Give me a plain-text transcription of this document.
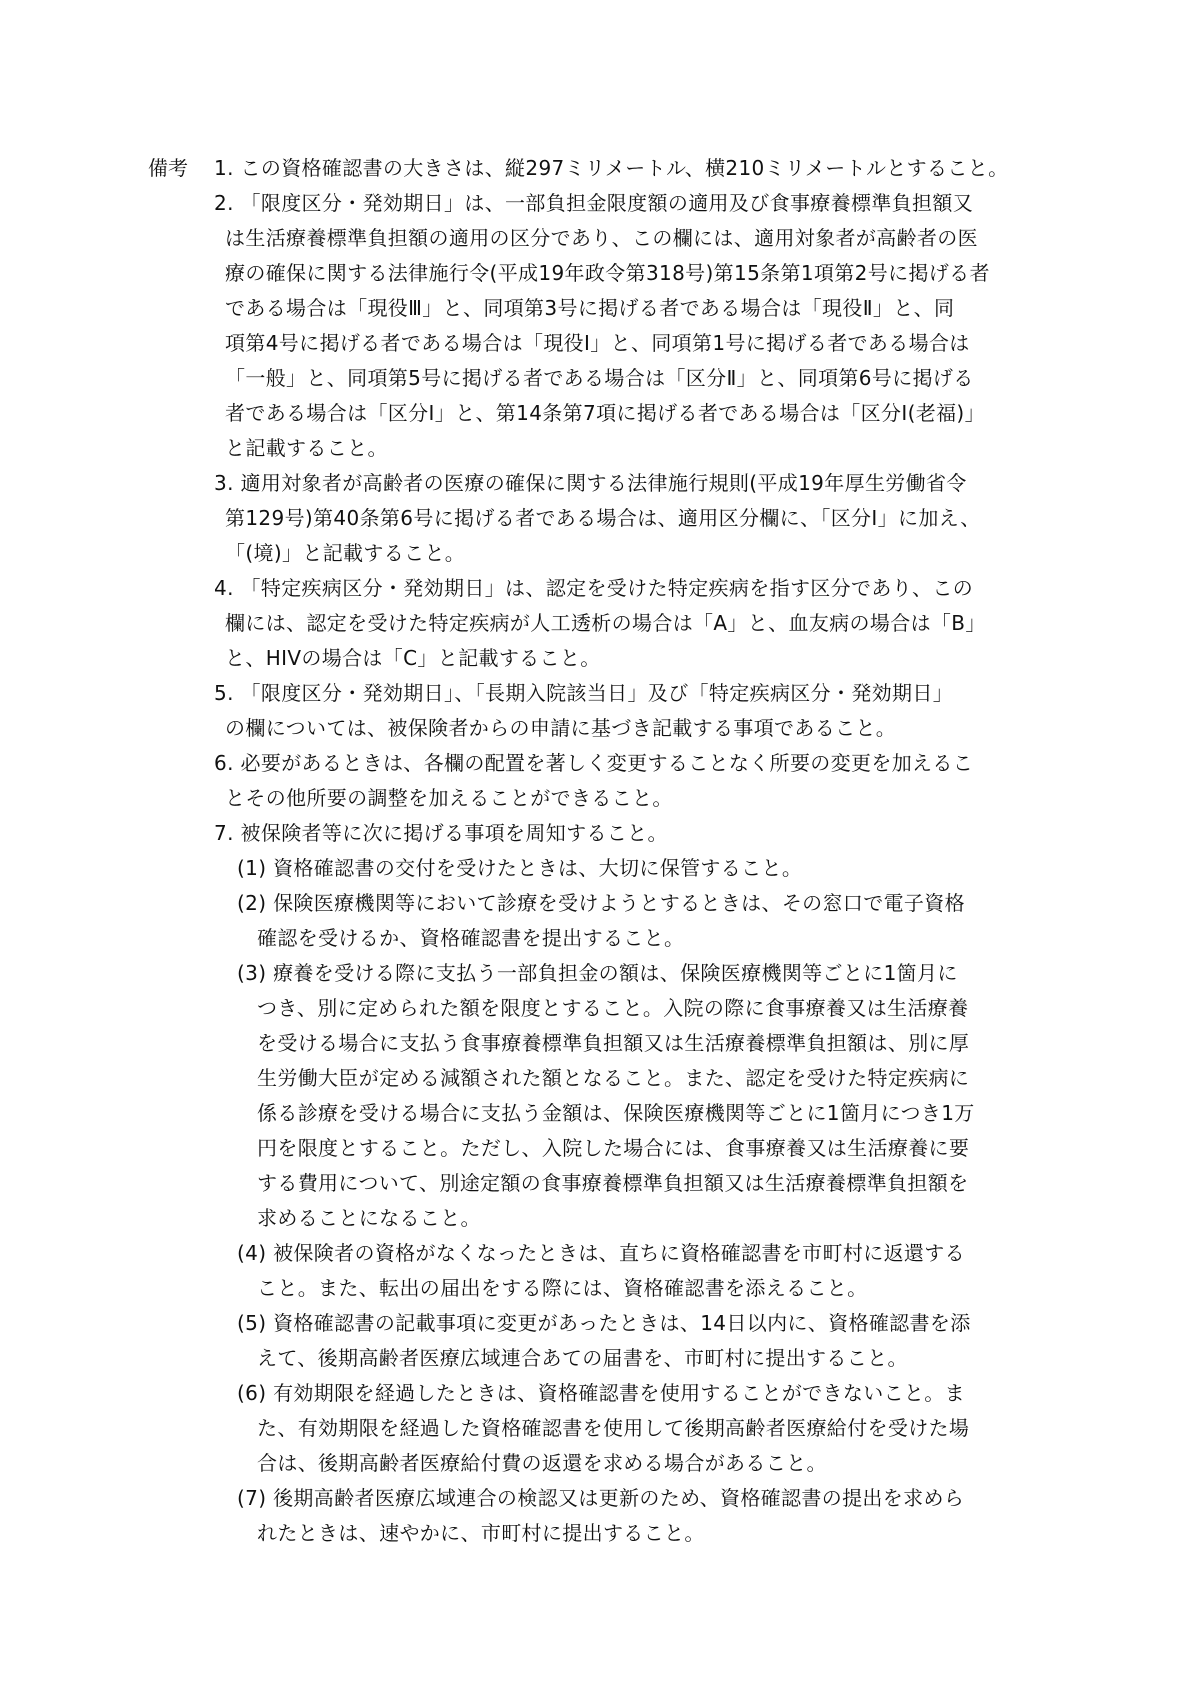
備考 1. この資格確認書の大きさは、縦297ミリメートル、横210ミリメートルとすること。

2. 「限度区分・発効期日」は、一部負担金限度額の適用及び食事療養標準負担額又

は生活療養標準負担額の適用の区分であり、この欄には、適用対象者が高齢者の医

療の確保に関する法律施行令(平成19年政令第318号)第15条第1項第2号に掲げる者

である場合は「現役Ⅲ」と、同項第3号に掲げる者である場合は「現役Ⅱ」と、同

項第4号に掲げる者である場合は「現役Ⅰ」と、同項第1号に掲げる者である場合は

「一般」と、同項第5号に掲げる者である場合は「区分Ⅱ」と、同項第6号に掲げる

者である場合は「区分Ⅰ」と、第14条第7項に掲げる者である場合は「区分Ⅰ(老福)」

と記載すること。

3. 適用対象者が高齢者の医療の確保に関する法律施行規則(平成19年厚生労働省令

第129号)第40条第6号に掲げる者である場合は、適用区分欄に、「区分Ⅰ」に加え、

「(境)」と記載すること。

4. 「特定疾病区分・発効期日」は、認定を受けた特定疾病を指す区分であり、この

欄には、認定を受けた特定疾病が人工透析の場合は「A」と、血友病の場合は「B」

と、HIVの場合は「C」と記載すること。

5. 「限度区分・発効期日」、「長期入院該当日」及び「特定疾病区分・発効期日」

の欄については、被保険者からの申請に基づき記載する事項であること。

6. 必要があるときは、各欄の配置を著しく変更することなく所要の変更を加えるこ

とその他所要の調整を加えることができること。

7. 被保険者等に次に掲げる事項を周知すること。

(1) 資格確認書の交付を受けたときは、大切に保管すること。

(2) 保険医療機関等において診療を受けようとするときは、その窓口で電子資格

確認を受けるか、資格確認書を提出すること。

(3) 療養を受ける際に支払う一部負担金の額は、保険医療機関等ごとに1箇月に

つき、別に定められた額を限度とすること。入院の際に食事療養又は生活療養

を受ける場合に支払う食事療養標準負担額又は生活療養標準負担額は、別に厚

生労働大臣が定める減額された額となること。また、認定を受けた特定疾病に

係る診療を受ける場合に支払う金額は、保険医療機関等ごとに1箇月につき1万

円を限度とすること。ただし、入院した場合には、食事療養又は生活療養に要

する費用について、別途定額の食事療養標準負担額又は生活療養標準負担額を

求めることになること。

(4) 被保険者の資格がなくなったときは、直ちに資格確認書を市町村に返還する

こと。また、転出の届出をする際には、資格確認書を添えること。

(5) 資格確認書の記載事項に変更があったときは、14日以内に、資格確認書を添

えて、後期高齢者医療広域連合あての届書を、市町村に提出すること。

(6) 有効期限を経過したときは、資格確認書を使用することができないこと。ま

た、有効期限を経過した資格確認書を使用して後期高齢者医療給付を受けた場

合は、後期高齢者医療給付費の返還を求める場合があること。

(7) 後期高齢者医療広域連合の検認又は更新のため、資格確認書の提出を求めら

れたときは、速やかに、市町村に提出すること。
